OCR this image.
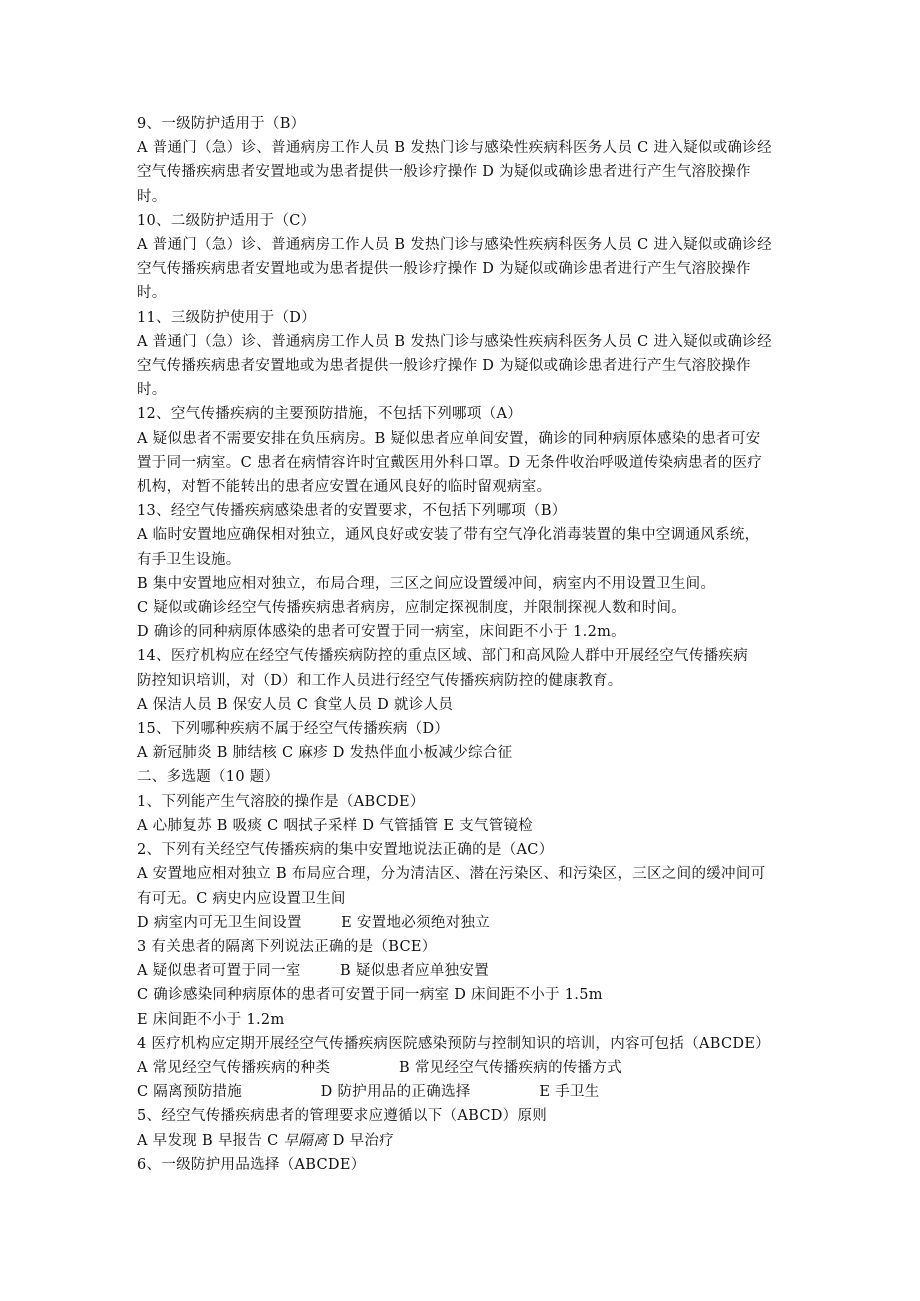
9、一级防护适用于（B）
A 普通门（急）诊、普通病房工作人员 B 发热门诊与感染性疾病科医务人员 C 进入疑似或确诊经
空气传播疾病患者安置地或为患者提供一般诊疗操作 D 为疑似或确诊患者进行产生气溶胶操作
时。
10、二级防护适用于（C）
A 普通门（急）诊、普通病房工作人员 B 发热门诊与感染性疾病科医务人员 C 进入疑似或确诊经
空气传播疾病患者安置地或为患者提供一般诊疗操作 D 为疑似或确诊患者进行产生气溶胶操作
时。
11、三级防护使用于（D）
A 普通门（急）诊、普通病房工作人员 B 发热门诊与感染性疾病科医务人员 C 进入疑似或确诊经
空气传播疾病患者安置地或为患者提供一般诊疗操作 D 为疑似或确诊患者进行产生气溶胶操作
时。
12、空气传播疾病的主要预防措施，不包括下列哪项（A）
A 疑似患者不需要安排在负压病房。B 疑似患者应单间安置，确诊的同种病原体感染的患者可安
置于同一病室。C 患者在病情容许时宜戴医用外科口罩。D 无条件收治呼吸道传染病患者的医疗
机构，对暂不能转出的患者应安置在通风良好的临时留观病室。
13、经空气传播疾病感染患者的安置要求，不包括下列哪项（B）
A 临时安置地应确保相对独立，通风良好或安装了带有空气净化消毒装置的集中空调通风系统，
有手卫生设施。
B 集中安置地应相对独立，布局合理，三区之间应设置缓冲间，病室内不用设置卫生间。
C 疑似或确诊经空气传播疾病患者病房，应制定探视制度，并限制探视人数和时间。
D 确诊的同种病原体感染的患者可安置于同一病室，床间距不小于 1.2m。
14、医疗机构应在经空气传播疾病防控的重点区域、部门和高风险人群中开展经空气传播疾病
防控知识培训，对（D）和工作人员进行经空气传播疾病防控的健康教育。
A 保洁人员 B 保安人员 C 食堂人员 D 就诊人员
15、下列哪种疾病不属于经空气传播疾病（D）
A 新冠肺炎 B 肺结核 C 麻疹 D 发热伴血小板减少综合征
二、多选题（10 题）
1、下列能产生气溶胶的操作是（ABCDE）
A 心肺复苏 B 吸痰 C 咽拭子采样 D 气管插管 E 支气管镜检
2、下列有关经空气传播疾病的集中安置地说法正确的是（AC）
A 安置地应相对独立 B 布局应合理，分为清洁区、潜在污染区、和污染区，三区之间的缓冲间可
有可无。C 病史内应设置卫生间
D 病室内可无卫生间设置        E 安置地必须绝对独立
3 有关患者的隔离下列说法正确的是（BCE）
A 疑似患者可置于同一室        B 疑似患者应单独安置
C 确诊感染同种病原体的患者可安置于同一病室 D 床间距不小于 1.5m
E 床间距不小于 1.2m
4 医疗机构应定期开展经空气传播疾病医院感染预防与控制知识的培训，内容可包括（ABCDE）
A 常见经空气传播疾病的种类              B 常见经空气传播疾病的传播方式
C 隔离预防措施                D 防护用品的正确选择              E 手卫生
5、经空气传播疾病患者的管理要求应遵循以下（ABCD）原则
A 早发现 B 早报告 C 早隔离 D 早治疗
6、一级防护用品选择（ABCDE）
